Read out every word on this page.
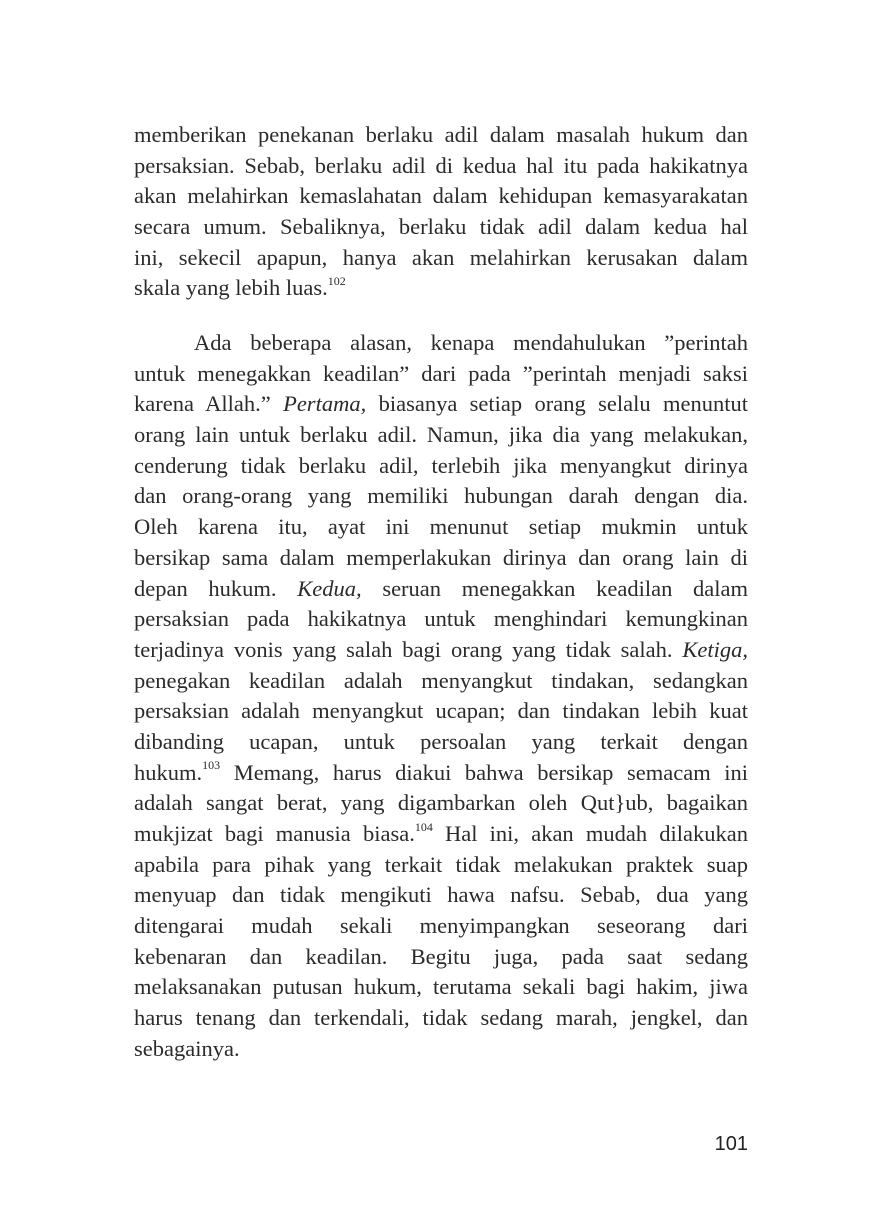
memberikan penekanan berlaku adil dalam masalah hukum dan
persaksian. Sebab, berlaku adil di kedua hal itu pada hakikatnya
akan melahirkan kemaslahatan dalam kehidupan kemasyarakatan
secara umum. Sebaliknya, berlaku tidak adil dalam kedua hal
ini, sekecil apapun, hanya akan melahirkan kerusakan dalam
skala yang lebih luas.$^{102}$
Ada beberapa alasan, kenapa mendahulukan ”perintah
untuk menegakkan keadilan” dari pada ”perintah menjadi saksi
karena Allah.” Pertama, biasanya setiap orang selalu menuntut
orang lain untuk berlaku adil. Namun, jika dia yang melakukan,
cenderung tidak berlaku adil, terlebih jika menyangkut dirinya
dan orang-orang yang memiliki hubungan darah dengan dia.
Oleh karena itu, ayat ini menunut setiap mukmin untuk
bersikap sama dalam memperlakukan dirinya dan orang lain di
depan hukum. Kedua, seruan menegakkan keadilan dalam
persaksian pada hakikatnya untuk menghindari kemungkinan
terjadinya vonis yang salah bagi orang yang tidak salah. Ketiga,
penegakan keadilan adalah menyangkut tindakan, sedangkan
persaksian adalah menyangkut ucapan; dan tindakan lebih kuat
dibanding ucapan, untuk persoalan yang terkait dengan
hukum.$^{103}$ Memang, harus diakui bahwa bersikap semacam ini
adalah sangat berat, yang digambarkan oleh Qut}ub, bagaikan
mukjizat bagi manusia biasa.$^{104}$ Hal ini, akan mudah dilakukan
apabila para pihak yang terkait tidak melakukan praktek suap
menyuap dan tidak mengikuti hawa nafsu. Sebab, dua yang
ditengarai mudah sekali menyimpangkan seseorang dari
kebenaran dan keadilan. Begitu juga, pada saat sedang
melaksanakan putusan hukum, terutama sekali bagi hakim, jiwa
harus tenang dan terkendali, tidak sedang marah, jengkel, dan
sebagainya.
101
